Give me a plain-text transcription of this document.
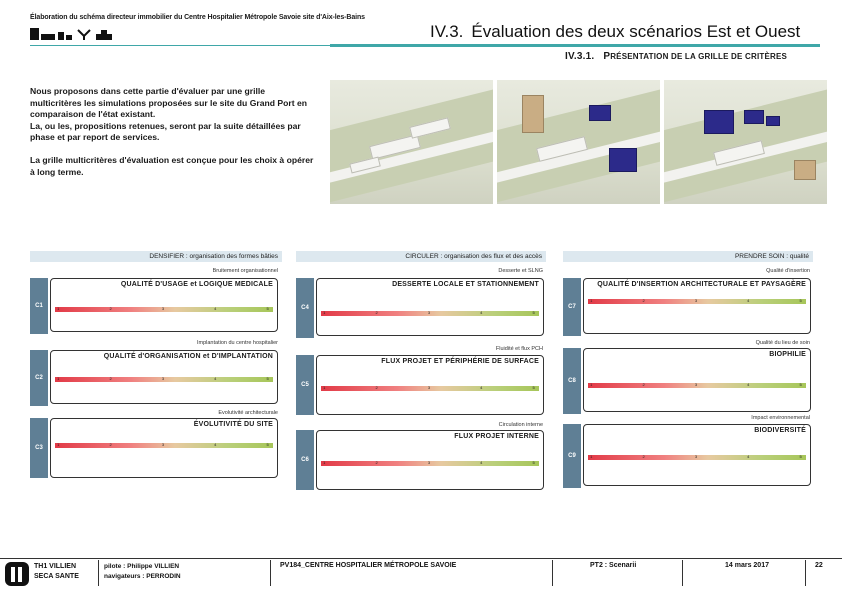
Élaboration du schéma directeur immobilier du Centre Hospitalier Métropole Savoie site d'Aix-les-Bains
IV.3. Évaluation des deux scénarios Est et Ouest
IV.3.1. PRÉSENTATION DE LA GRILLE DE CRITÈRES

Nous proposons dans cette partie d'évaluer par une grille multicritères les simulations proposées sur le site du Grand Port en comparaison de l'état existant.
La, ou les, propositions retenues, seront par la suite détaillées par phase et par report de services.

La grille multicritères d'évaluation est conçue pour les choix à opérer à long terme.

DENSIFIER : organisation des formes bâties	CIRCULER : organisation des flux et des accès	PRENDRE SOIN : qualité
Bruitement organisationnel
C1
QUALITÉ D'USAGE et LOGIQUE MEDICALE
1	2	3	4	5
Implantation du centre hospitalier
C2
QUALITÉ d'ORGANISATION et D'IMPLANTATION
1	2	3	4	5
Evolutivité architecturale
C3
ÉVOLUTIVITÉ DU SITE
1	2	3	4	5
Desserte et SLNG
C4
DESSERTE LOCALE ET STATIONNEMENT
1	2	3	4	5
Fluidité et flux PCH
C5
FLUX PROJET ET PÉRIPHÉRIE DE SURFACE
1	2	3	4	5
Circulation interne
C6
FLUX PROJET INTERNE
1	2	3	4	5
Qualité d'insertion
C7
QUALITÉ D'INSERTION ARCHITECTURALE ET PAYSAGÈRE
1	2	3	4	5
Qualité du lieu de soin
C8
BIOPHILIE
1	2	3	4	5
Impact environnemental
C9
BIODIVERSITÉ
1	2	3	4	5
TH1 VILLIEN
SECA SANTE
pilote : Philippe VILLIEN
navigateurs : PERRODIN
PV184_CENTRE HOSPITALIER MÉTROPOLE SAVOIE	PT2 : Scenarii	14 mars 2017	22
